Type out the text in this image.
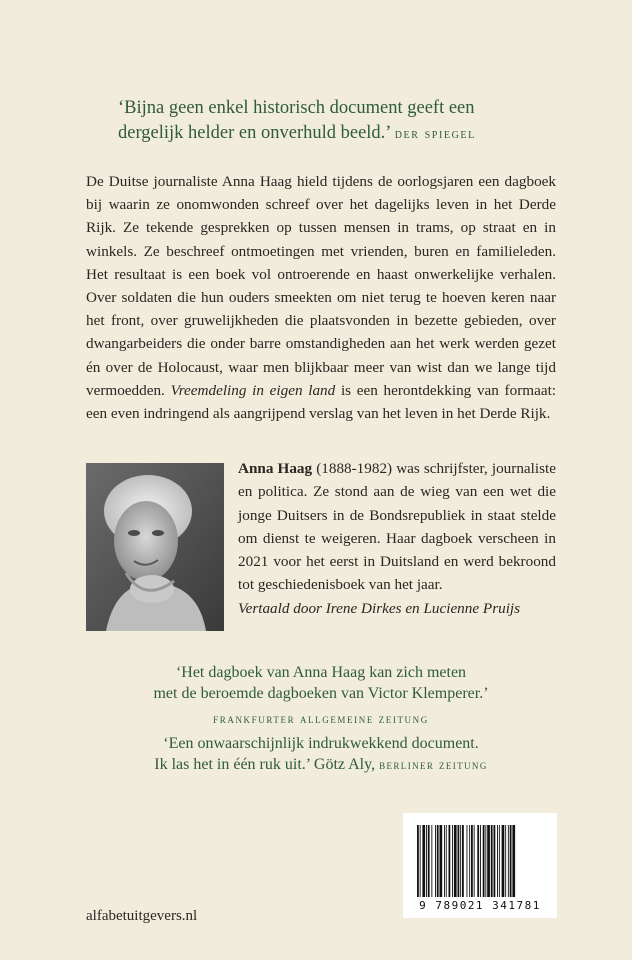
‘Bijna geen enkel historisch document geeft een
dergelijk helder en onverhuld beeld.’ der spiegel

De Duitse journaliste Anna Haag hield tijdens de oorlogsjaren een dagboek bij waarin ze onomwonden schreef over het dagelijks leven in het Derde Rijk. Ze tekende gesprekken op tussen mensen in trams, op straat en in winkels. Ze beschreef ontmoetingen met vrienden, buren en familieleden. Het resultaat is een boek vol ontroerende en haast onwerkelijke verhalen. Over soldaten die hun ouders smeekten om niet terug te hoeven keren naar het front, over gruwelijkheden die plaatsvonden in bezette gebieden, over dwangarbeiders die onder barre omstandigheden aan het werk werden gezet én over de Holocaust, waar men blijkbaar meer van wist dan we lange tijd vermoedden. Vreemdeling in eigen land is een herontdekking van formaat: een even indringend als aangrijpend verslag van het leven in het Derde Rijk.

Anna Haag (1888-1982) was schrijfster, journaliste en politica. Ze stond aan de wieg van een wet die jonge Duitsers in de Bondsrepubliek in staat stelde om dienst te weigeren. Haar dagboek verscheen in 2021 voor het eerst in Duitsland en werd bekroond tot geschiedenisboek van het jaar.

Vertaald door Irene Dirkes en Lucienne Pruijs

‘Het dagboek van Anna Haag kan zich meten
met de beroemde dagboeken van Victor Klemperer.’
frankfurter allgemeine zeitung
‘Een onwaarschijnlijk indrukwekkend document.
Ik las het in één ruk uit.’ Götz Aly, berliner zeitung
9 789021 341781
alfabetuitgevers.nl
